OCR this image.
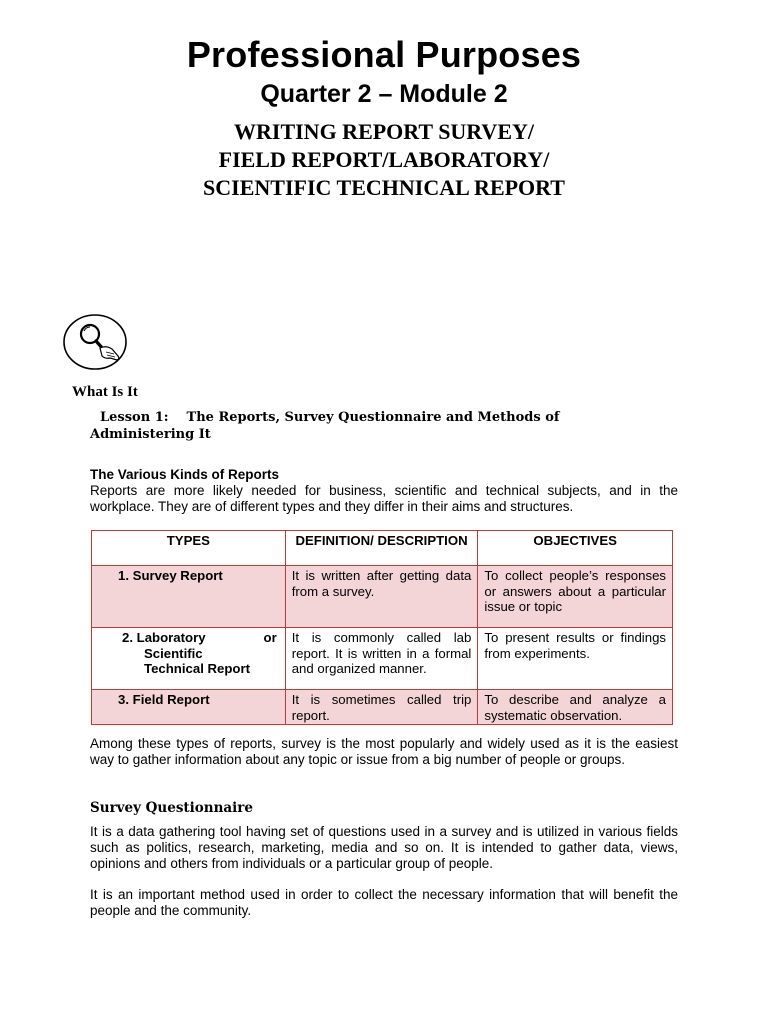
Professional Purposes
Quarter 2 – Module 2
WRITING REPORT SURVEY/
FIELD REPORT/LABORATORY/
SCIENTIFIC TECHNICAL REPORT
What Is It
Lesson 1: The Reports, Survey Questionnaire and Methods of
Administering It
The Various Kinds of Reports
Reports are more likely needed for business, scientific and technical subjects, and in the workplace. They are of different types and they differ in their aims and structures.
TYPES	DEFINITION/ DESCRIPTION	OBJECTIVES
1. Survey Report	It is written after getting data from a survey.	To collect people’s responses or answers about a particular issue or topic

2. Laboratory or
Scientific
Technical Report	It is commonly called lab report. It is written in a formal and organized manner.	To present results or findings from experiments.
3. Field Report	It is sometimes called trip report.	To describe and analyze a systematic observation.
Among these types of reports, survey is the most popularly and widely used as it is the easiest way to gather information about any topic or issue from a big number of people or groups.
Survey Questionnaire
It is a data gathering tool having set of questions used in a survey and is utilized in various fields such as politics, research, marketing, media and so on. It is intended to gather data, views, opinions and others from individuals or a particular group of people.
It is an important method used in order to collect the necessary information that will benefit the people and the community.
